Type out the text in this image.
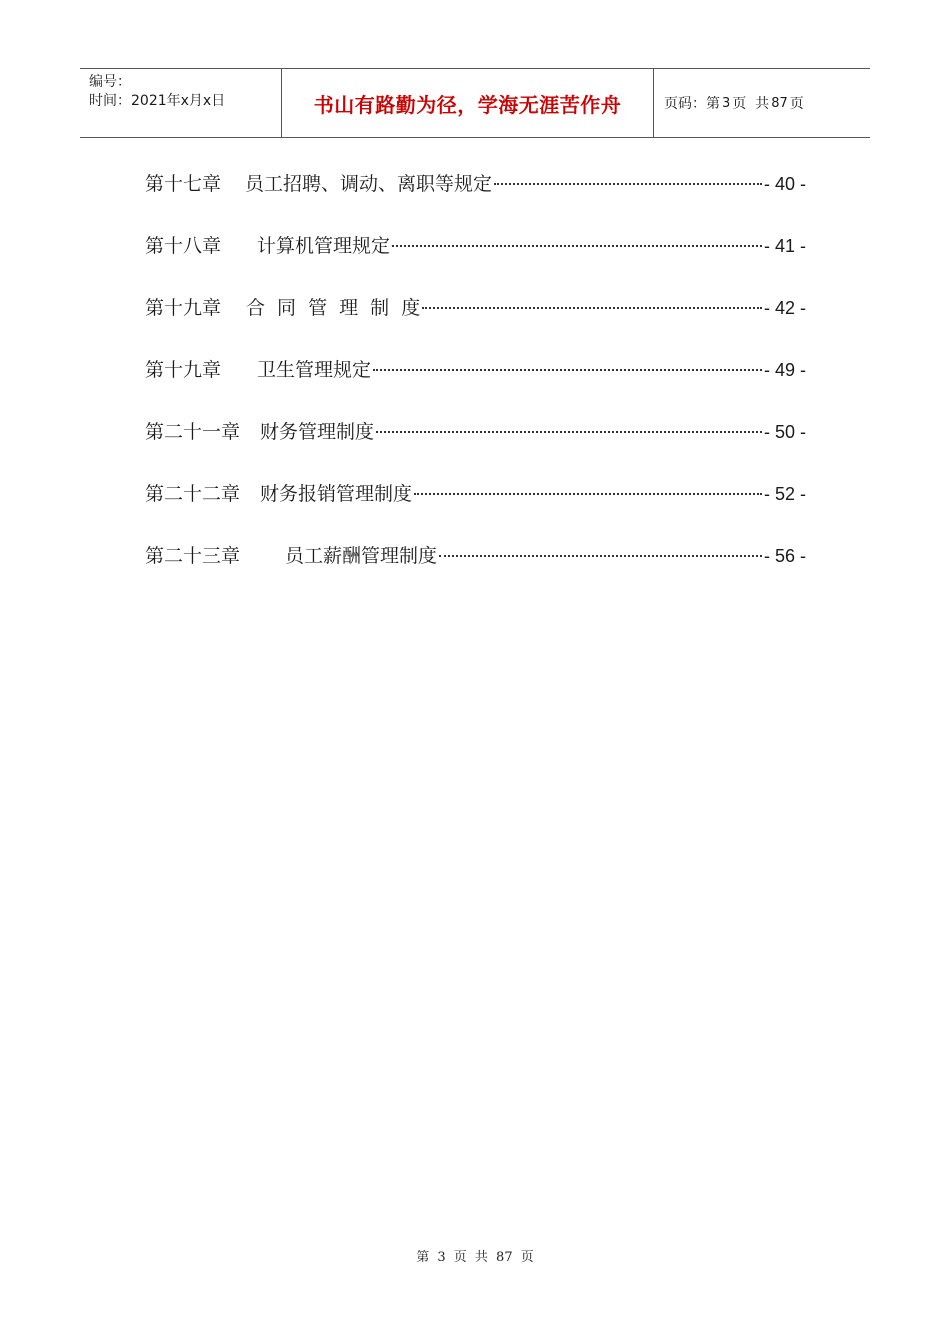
编号：
时间：2021年x月x日	书山有路勤为径，学海无涯苦作舟	页码：第 3 页  共 87 页
第十七章 员工招聘、调动、离职等规定	- 40 -
第十八章 计算机管理规定	- 41 -
第十九章 合 同 管 理 制 度	- 42 -
第十九章 卫生管理规定	- 49 -
第二十一章 财务管理制度	- 50 -
第二十二章 财务报销管理制度	- 52 -
第二十三章 员工薪酬管理制度	- 56 -
第 3 页 共 87 页
